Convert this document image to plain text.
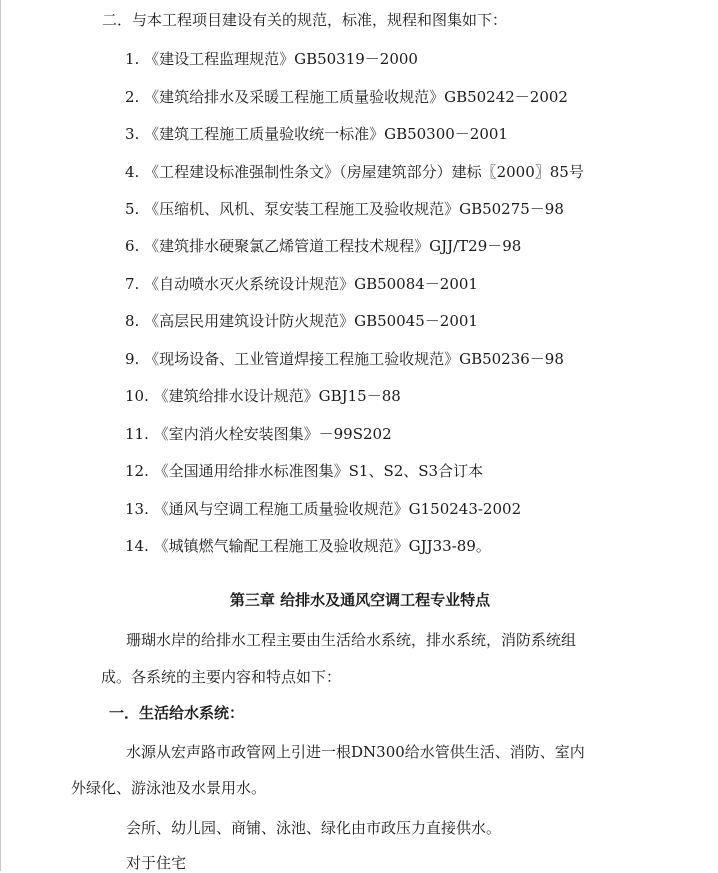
二．与本工程项目建设有关的规范，标准，规程和图集如下：
1. 《建设工程监理规范》GB50319－2000
2. 《建筑给排水及采暖工程施工质量验收规范》GB50242－2002
3. 《建筑工程施工质量验收统一标准》GB50300－2001
4. 《工程建设标准强制性条文》（房屋建筑部分）建标〖2000〗85号
5. 《压缩机、风机、泵安装工程施工及验收规范》GB50275－98
6. 《建筑排水硬聚氯乙烯管道工程技术规程》GJJ/T29－98
7. 《自动喷水灭火系统设计规范》GB50084－2001
8. 《高层民用建筑设计防火规范》GB50045－2001
9. 《现场设备、工业管道焊接工程施工验收规范》GB50236－98
10. 《建筑给排水设计规范》GBJ15－88
11. 《室内消火栓安装图集》－99S202
12. 《全国通用给排水标准图集》S1、S2、S3合订本
13. 《通风与空调工程施工质量验收规范》G150243-2002
14. 《城镇燃气输配工程施工及验收规范》GJJ33-89。
第三章 给排水及通风空调工程专业特点
珊瑚水岸的给排水工程主要由生活给水系统，排水系统，消防系统组
成。各系统的主要内容和特点如下：
一．生活给水系统：
水源从宏声路市政管网上引进一根DN300给水管供生活、消防、室内
外绿化、游泳池及水景用水。
会所、幼儿园、商铺、泳池、绿化由市政压力直接供水。
对于住宅
